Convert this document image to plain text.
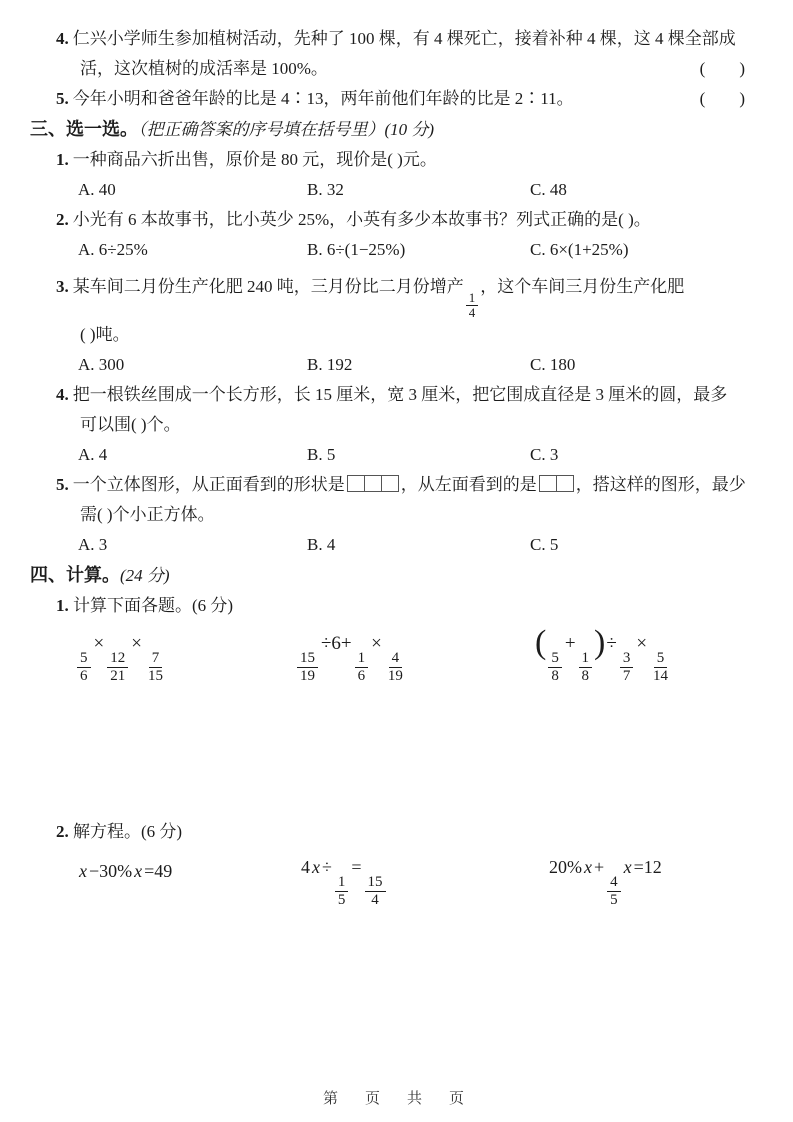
4. 仁兴小学师生参加植树活动，先种了 100 棵，有 4 棵死亡，接着补种 4 棵，这 4 棵全部成
活，这次植树的成活率是 100%。	(        )
5. 今年小明和爸爸年龄的比是 4∶13，两年前他们年龄的比是 2∶11。	(        )
三、选一选。（把正确答案的序号填在括号里）(10 分)
1. 一种商品六折出售，原价是 80 元，现价是( )元。
A. 40	B. 32	C. 48
2. 小光有 6 本故事书，比小英少 25%，小英有多少本故事书？列式正确的是( )。
A. 6÷25%	B. 6÷(1−25%)	C. 6×(1+25%)
3. 某车间二月份生产化肥 240 吨，三月份比二月份增产
$\frac{1}{4}$
，这个车间三月份生产化肥
( )吨。
A. 300	B. 192	C. 180
4. 把一根铁丝围成一个长方形，长 15 厘米，宽 3 厘米，把它围成直径是 3 厘米的圆，最多
可以围( )个。
A. 4	B. 5	C. 3
5. 一个立体图形，从正面看到的形状是	，从左面看到的是 ，搭这样的图形，最少
需( )个小正方体。
A. 3	B. 4	C. 5
四、计算。(24 分)
1. 计算下面各题。(6 分)
$\frac{5}{6}$
×
$\frac{12}{21}$
×
$\frac{7}{15}$	$\frac{15}{19}$
÷6+
$\frac{1}{6}$
×
$\frac{4}{19}$
(
$\frac{5}{8}$
+
$\frac{1}{8}$
)÷
$\frac{3}{7}$
×
$\frac{5}{14}$
2. 解方程。(6 分)
x −30% x =49	4 x ÷
$\frac{1}{5}$
=
$\frac{15}{4}$
20% x +
$\frac{4}{5}$
x =12
第　页　共　页
